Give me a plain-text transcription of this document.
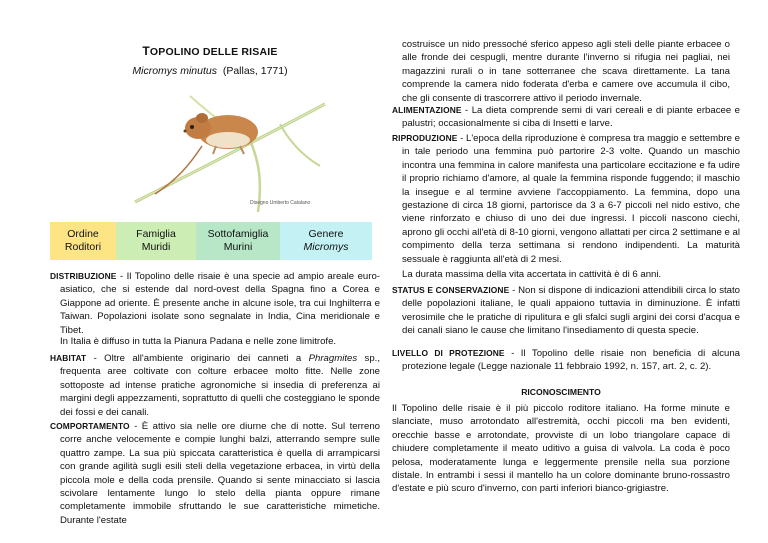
TOPOLINO DELLE RISAIE
Micromys minutus (Pallas, 1771)
Disegno Umberto Catalano
Ordine
Roditori
Famiglia
Muridi
Sottofamiglia
Murini
Genere
Micromys

DISTRIBUZIONE - Il Topolino delle risaie è una specie ad ampio areale euro-asiatico, che si estende dal nord-ovest della Spagna fino a Corea e Giappone ad oriente. È presente anche in alcune isole, tra cui Inghilterra e Taiwan. Popolazioni isolate sono segnalate in India, Cina meridionale e Tibet.

In Italia è diffuso in tutta la Pianura Padana e nelle zone limitrofe.

HABITAT - Oltre all'ambiente originario dei canneti a Phragmites sp., frequenta aree coltivate con colture erbacee molto fitte. Nelle zone sottoposte ad intense pratiche agronomiche si insedia di preferenza ai margini degli appezzamenti, soprattutto di quelli che costeggiano le sponde dei fossi e dei canali.

COMPORTAMENTO - È attivo sia nelle ore diurne che di notte. Sul terreno corre anche velocemente e compie lunghi balzi, atterrando sempre sulle quattro zampe. La sua più spiccata caratteristica è quella di arrampicarsi con grande agilità sugli esili steli della vegetazione erbacea, in virtù della piccola mole e della coda prensile. Quando si sente minacciato si lascia scivolare lentamente lungo lo stelo della pianta oppure rimane completamente immobile sfruttando le sue caratteristiche mimetiche. Durante l'estate

costruisce un nido pressoché sferico appeso agli steli delle piante erbacee o alle fronde dei cespugli, mentre durante l'inverno si rifugia nei pagliai, nei magazzini rurali o in tane sotterranee che scava direttamente. La tana comprende la camera nido foderata d'erba e camere ove accumula il cibo, che gli consente di trascorrere attivo il periodo invernale.

ALIMENTAZIONE - La dieta comprende semi di vari cereali e di piante erbacee e palustri; occasionalmente si ciba di Insetti e larve.

RIPRODUZIONE - L'epoca della riproduzione è compresa tra maggio e settembre e in tale periodo una femmina può partorire 2-3 volte. Quando un maschio incontra una femmina in calore manifesta una particolare eccitazione e fa udire il proprio richiamo d'amore, al quale la femmina risponde fuggendo; il maschio la insegue e al termine avviene l'accoppiamento. La femmina, dopo una gestazione di circa 18 giorni, partorisce da 3 a 6-7 piccoli nel nido estivo, che viene rinforzato e chiuso di uno dei due ingressi. I piccoli nascono ciechi, aprono gli occhi all'età di 8-10 giorni, vengono allattati per circa 2 settimane e al compimento della terza settimana si rendono indipendenti. La maturità sessuale è raggiunta all'età di 2 mesi.

La durata massima della vita accertata in cattività è di 6 anni.

STATUS E CONSERVAZIONE - Non si dispone di indicazioni attendibili circa lo stato delle popolazioni italiane, le quali appaiono tuttavia in diminuzione. È infatti verosimile che le pratiche di ripulitura e gli sfalci sugli argini dei corsi d'acqua e dei canali siano le cause che limitano l'insediamento di questa specie.

LIVELLO DI PROTEZIONE - Il Topolino delle risaie non beneficia di alcuna protezione legale (Legge nazionale 11 febbraio 1992, n. 157, art. 2, c. 2).

RICONOSCIMENTO

Il Topolino delle risaie è il più piccolo roditore italiano. Ha forme minute e slanciate, muso arrotondato all'estremità, occhi piccoli ma ben evidenti, orecchie basse e arrotondate, provviste di un lobo triangolare capace di chiudere completamente il meato uditivo a guisa di valvola. La coda è poco pelosa, moderatamente lunga e leggermente prensile nella sua porzione distale. In entrambi i sessi il mantello ha un colore dominante bruno-rossastro d'estate e più scuro d'inverno, con parti inferiori bianco-grigiastre.
